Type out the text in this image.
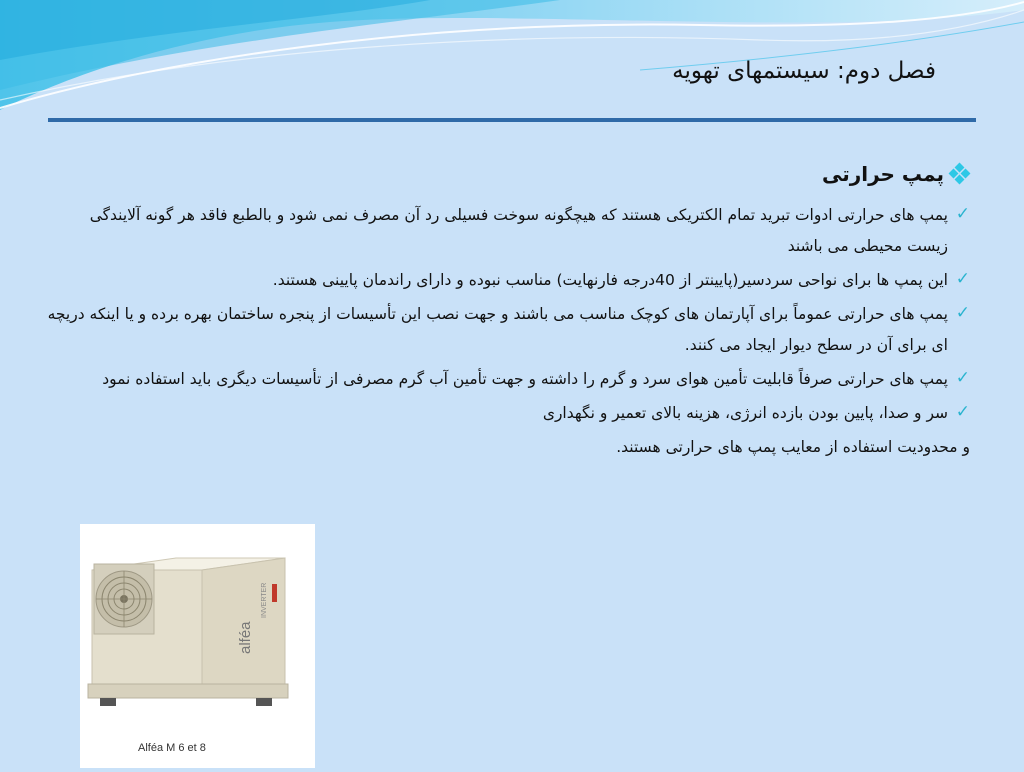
فصل دوم: سیستمهای تهویه
پمپ حرارتی
✓
پمپ های حرارتی ادوات تبرید تمام الکتریکی هستند که هیچگونه سوخت فسیلی رد آن مصرف نمی شود و بالطبع فاقد هر گونه آلایندگی زیست محیطی می باشند
✓
این پمپ ها برای نواحی سردسیر(پایینتر از 40درجه فارنهایت) مناسب نبوده و دارای راندمان پایینی هستند.
✓
پمپ های حرارتی عموماً برای آپارتمان های کوچک مناسب می باشند و جهت نصب این تأسیسات از پنجره ساختمان بهره برده و یا اینکه دریچه ای برای آن در سطح دیوار ایجاد می کنند.
✓
پمپ های حرارتی صرفاً قابلیت تأمین هوای سرد و گرم را داشته و جهت تأمین آب گرم مصرفی از تأسیسات دیگری باید استفاده نمود
✓
سر و صدا، پایین بودن بازده انرژی، هزینه بالای تعمیر و نگهداری
و محدودیت استفاده از معایب پمپ های حرارتی هستند.
alféa
INVERTER
Alféa M 6 et 8
